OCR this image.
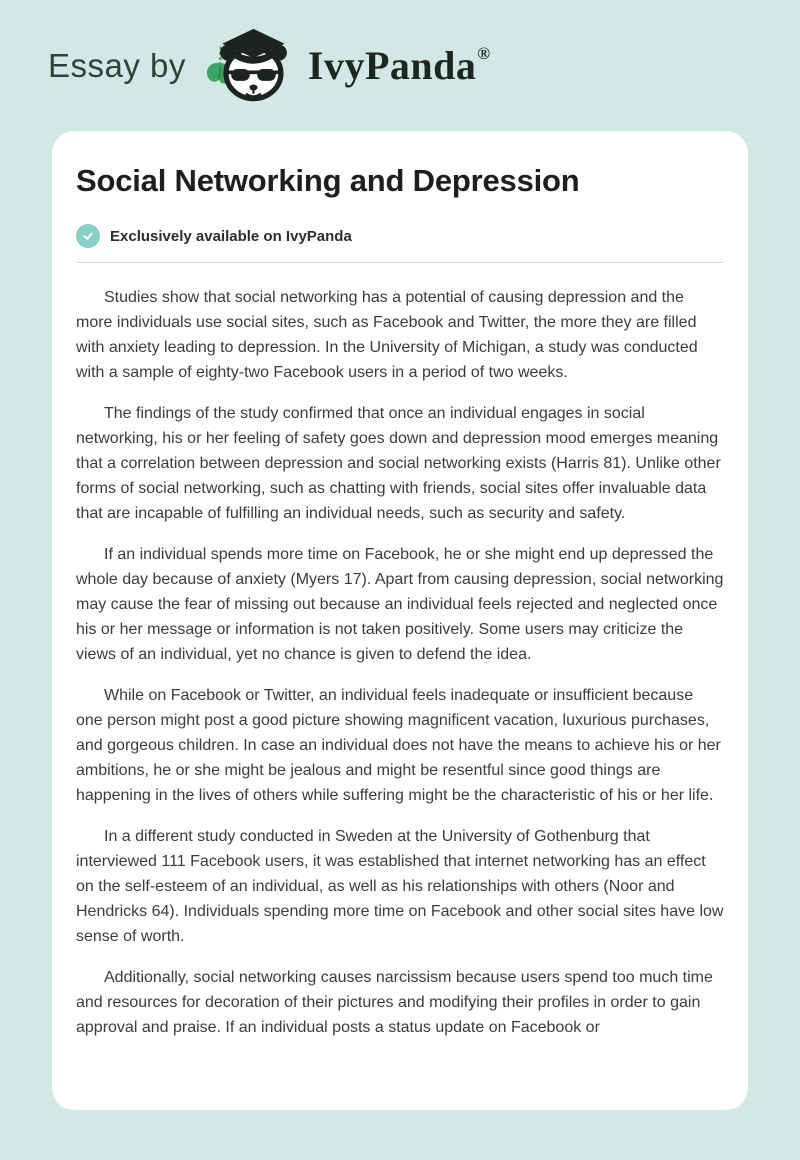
Essay by	IvyPanda ®
Social Networking and Depression
Exclusively available on IvyPanda

Studies show that social networking has a potential of causing depression and the more individuals use social sites, such as Facebook and Twitter, the more they are filled with anxiety leading to depression. In the University of Michigan, a study was conducted with a sample of eighty-two Facebook users in a period of two weeks.

The findings of the study confirmed that once an individual engages in social networking, his or her feeling of safety goes down and depression mood emerges meaning that a correlation between depression and social networking exists (Harris 81). Unlike other forms of social networking, such as chatting with friends, social sites offer invaluable data that are incapable of fulfilling an individual needs, such as security and safety.

If an individual spends more time on Facebook, he or she might end up depressed the whole day because of anxiety (Myers 17). Apart from causing depression, social networking may cause the fear of missing out because an individual feels rejected and neglected once his or her message or information is not taken positively. Some users may criticize the views of an individual, yet no chance is given to defend the idea.

While on Facebook or Twitter, an individual feels inadequate or insufficient because one person might post a good picture showing magnificent vacation, luxurious purchases, and gorgeous children. In case an individual does not have the means to achieve his or her ambitions, he or she might be jealous and might be resentful since good things are happening in the lives of others while suffering might be the characteristic of his or her life.

In a different study conducted in Sweden at the University of Gothenburg that interviewed 111 Facebook users, it was established that internet networking has an effect on the self-esteem of an individual, as well as his relationships with others (Noor and Hendricks 64). Individuals spending more time on Facebook and other social sites have low sense of worth.

Additionally, social networking causes narcissism because users spend too much time and resources for decoration of their pictures and modifying their profiles in order to gain approval and praise. If an individual posts a status update on Facebook or
